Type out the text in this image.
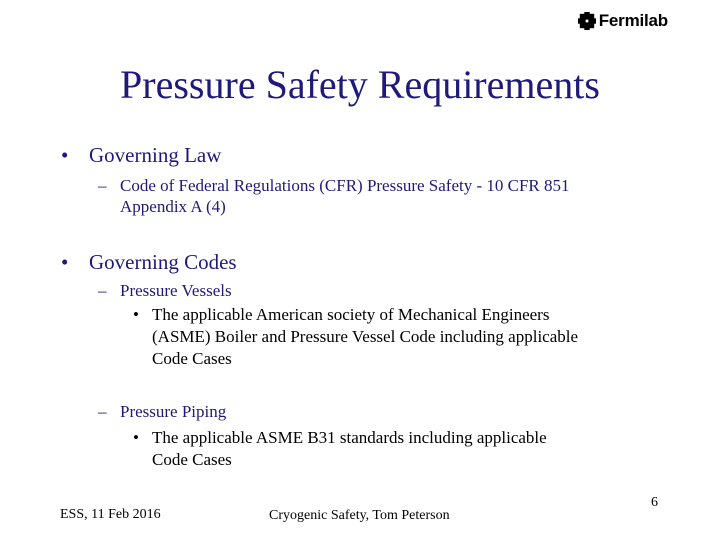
Fermilab
Pressure Safety Requirements
• Governing Law
– Code of Federal Regulations (CFR) Pressure Safety - 10 CFR 851
Appendix A (4)
• Governing Codes
– Pressure Vessels
• The applicable American society of Mechanical Engineers
(ASME) Boiler and Pressure Vessel Code including applicable
Code Cases
– Pressure Piping
• The applicable ASME B31 standards including applicable
Code Cases
ESS, 11 Feb 2016	Cryogenic Safety, Tom Peterson
6
